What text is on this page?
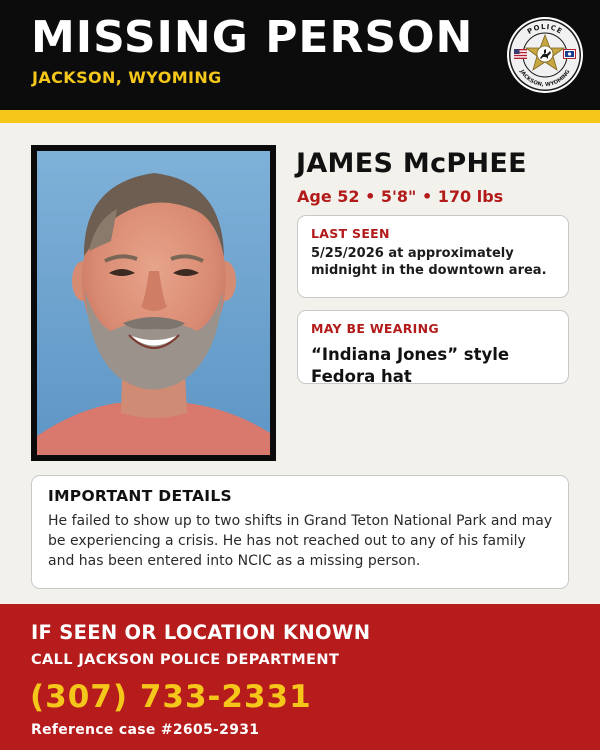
MISSING PERSON
JACKSON, WYOMING
POLICE
JACKSON, WYOMING
JAMES McPHEE
Age 52 • 5'8" • 170 lbs
LAST SEEN
5/25/2026 at approximately midnight in the downtown area.
MAY BE WEARING
“Indiana Jones” style Fedora hat
IMPORTANT DETAILS
He failed to show up to two shifts in Grand Teton National Park and may be experiencing a crisis. He has not reached out to any of his family and has been entered into NCIC as a missing person.
IF SEEN OR LOCATION KNOWN
CALL JACKSON POLICE DEPARTMENT
(307) 733-2331
Reference case #2605-2931
